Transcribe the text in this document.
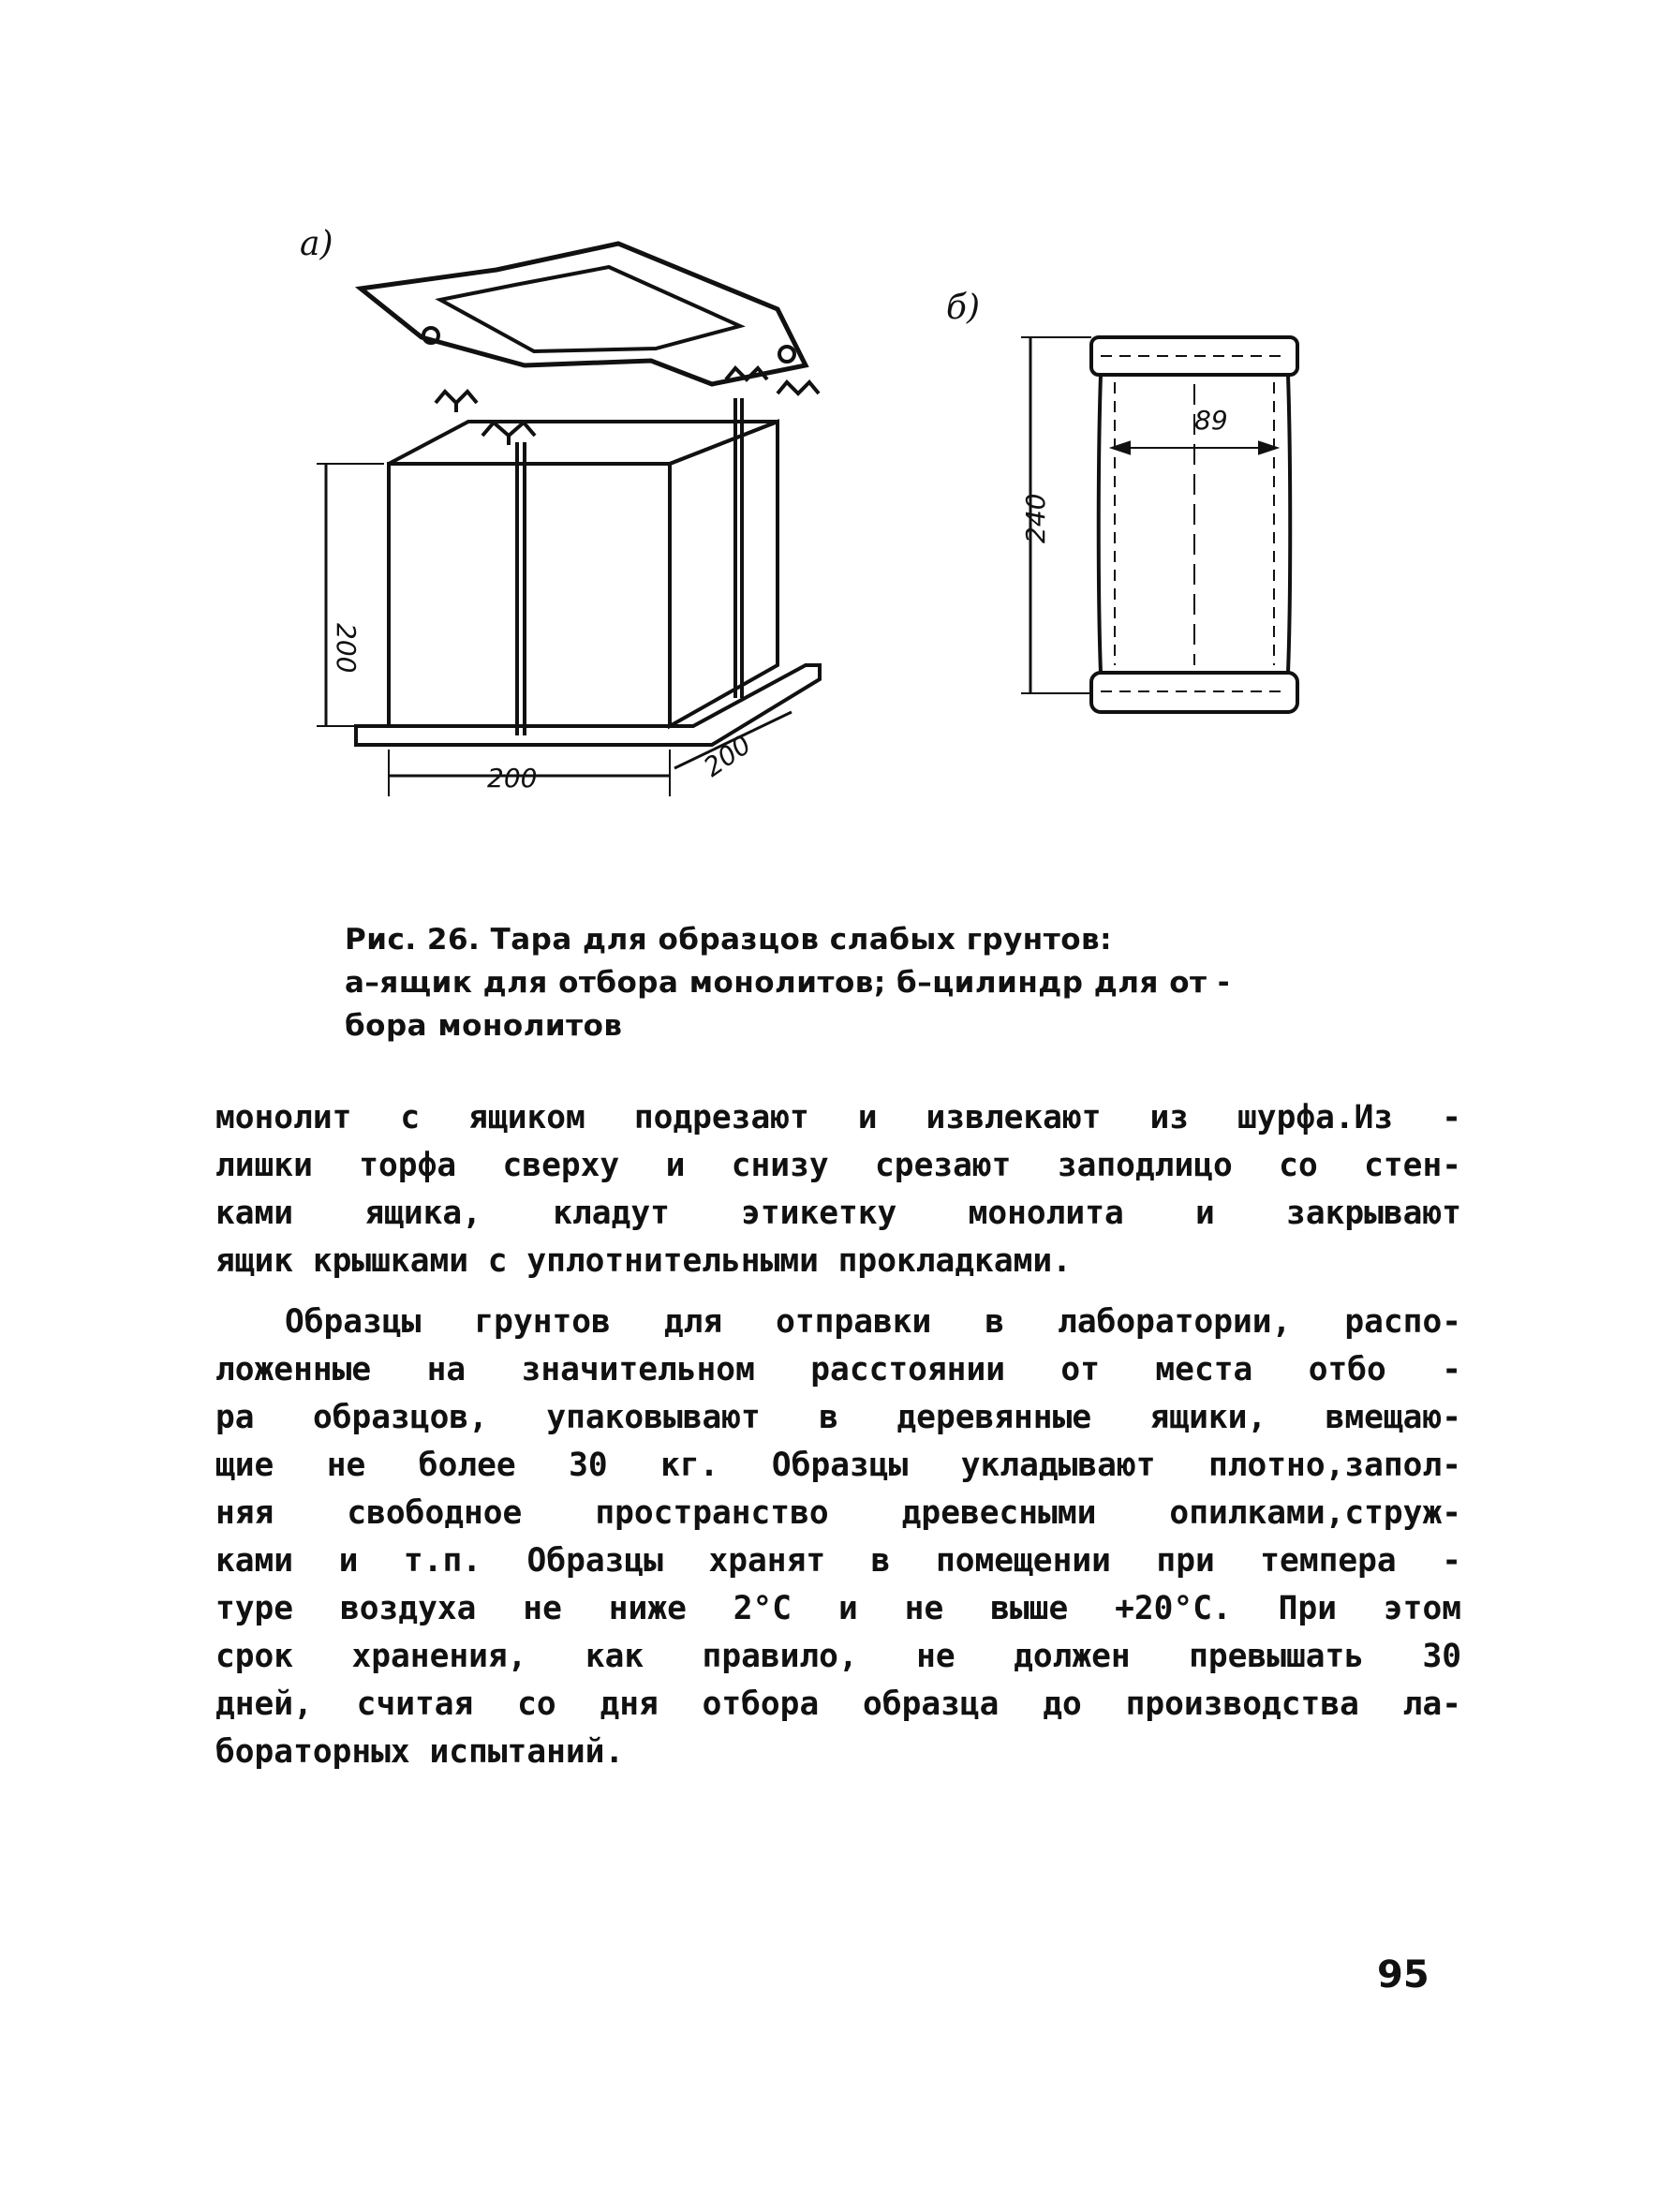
а)
200
200	200
б)
89
240
Рис. 26. Тара для образцов слабых грунтов:
а–ящик для отбора монолитов; б–цилиндр для от -
бора монолитов
монолит с ящиком подрезают и извлекают из шурфа.Из -
лишки торфа сверху и снизу срезают заподлицо со стен-
ками ящика, кладут этикетку монолита и закрывают
ящик крышками с уплотнительными прокладками.
Образцы грунтов для отправки в лаборатории, распо-
ложенные на значительном расстоянии от места отбо -
ра образцов, упаковывают в деревянные ящики, вмещаю-
щие не более 30 кг. Образцы укладывают плотно,запол-
няя свободное пространство древесными опилками,струж-
ками и т.п. Образцы хранят в помещении при темпера -
туре воздуха не ниже 2°С и не выше +20°С. При этом
срок хранения, как правило, не должен превышать 30
дней, считая со дня отбора образца до производства ла-
бораторных испытаний.
95
